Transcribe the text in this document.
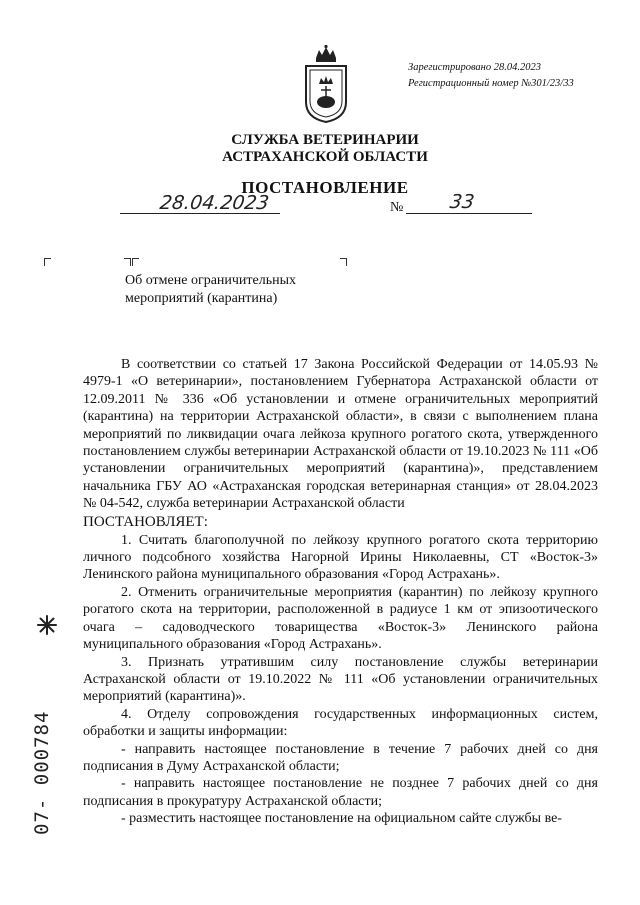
Зарегистрировано 28.04.2023
Регистрационный номер №301/23/33
СЛУЖБА ВЕТЕРИНАРИИ
АСТРАХАНСКОЙ ОБЛАСТИ
ПОСТАНОВЛЕНИЕ
28.04.2023	№ 33
Об отмене ограничительных
мероприятий (карантина)

В соответствии со статьей 17 Закона Российской Федерации от 14.05.93 № 4979-1 «О ветеринарии», постановлением Губернатора Астраханской области от 12.09.2011 № 336 «Об установлении и отмене ограничительных мероприятий (карантина) на территории Астраханской области», в связи с выполнением плана мероприятий по ликвидации очага лейкоза крупного рогатого скота, утвержденного постановлением службы ветеринарии Астраханской области от 19.10.2023 № 111 «Об установлении ограничительных мероприятий (карантина)», представлением начальника ГБУ АО «Астраханская городская ветеринарная станция» от 28.04.2023 № 04-542, служба ветеринарии Астраханской области

ПОСТАНОВЛЯЕТ:

1. Считать благополучной по лейкозу крупного рогатого скота территорию личного подсобного хозяйства Нагорной Ирины Николаевны, СТ «Восток-3» Ленинского района муниципального образования «Город Астрахань».

2. Отменить ограничительные мероприятия (карантин) по лейкозу крупного рогатого скота на территории, расположенной в радиусе 1 км от эпизоотического очага – садоводческого товарищества «Восток-3» Ленинского района муниципального образования «Город Астрахань».

3. Признать утратившим силу постановление службы ветеринарии Астраханской области от 19.10.2022 № 111 «Об установлении ограничительных мероприятий (карантина)».

4. Отделу сопровождения государственных информационных систем, обработки и защиты информации:

- направить настоящее постановление в течение 7 рабочих дней со дня подписания в Думу Астраханской области;

- направить настоящее постановление не позднее 7 рабочих дней со дня подписания в прокуратуру Астраханской области;

- разместить настоящее постановление на официальном сайте службы ве-

07- 000784
